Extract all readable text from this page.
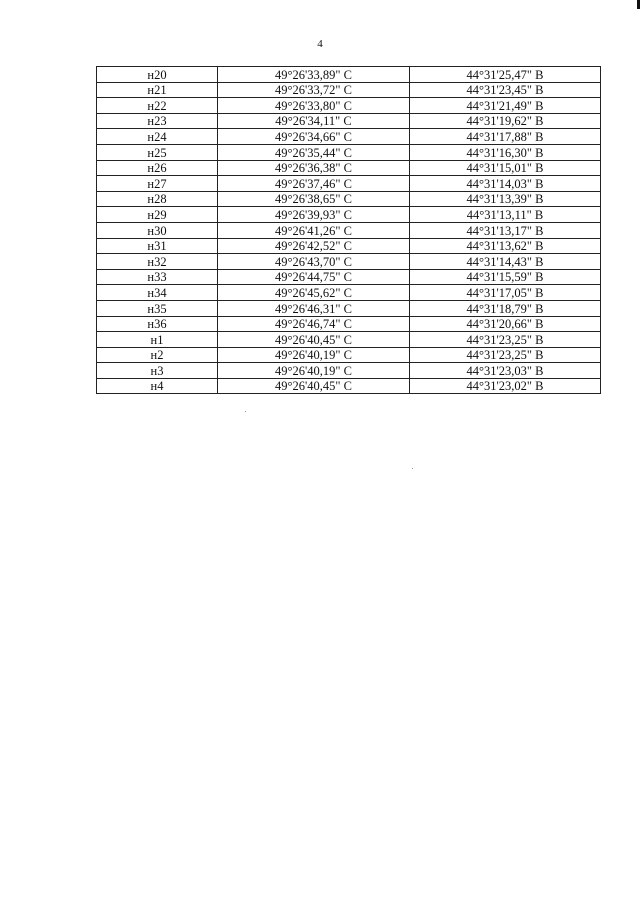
4
н20	49°26'33,89" С	44°31'25,47" В
н21	49°26'33,72" С	44°31'23,45" В
н22	49°26'33,80" С	44°31'21,49" В
н23	49°26'34,11" С	44°31'19,62" В
н24	49°26'34,66" С	44°31'17,88" В
н25	49°26'35,44" С	44°31'16,30" В
н26	49°26'36,38" С	44°31'15,01" В
н27	49°26'37,46" С	44°31'14,03" В
н28	49°26'38,65" С	44°31'13,39" В
н29	49°26'39,93" С	44°31'13,11" В
н30	49°26'41,26" С	44°31'13,17" В
н31	49°26'42,52" С	44°31'13,62" В
н32	49°26'43,70" С	44°31'14,43" В
н33	49°26'44,75" С	44°31'15,59" В
н34	49°26'45,62" С	44°31'17,05" В
н35	49°26'46,31" С	44°31'18,79" В
н36	49°26'46,74" С	44°31'20,66" В
н1	49°26'40,45" С	44°31'23,25" В
н2	49°26'40,19" С	44°31'23,25" В
н3	49°26'40,19" С	44°31'23,03" В
н4	49°26'40,45" С	44°31'23,02" В
